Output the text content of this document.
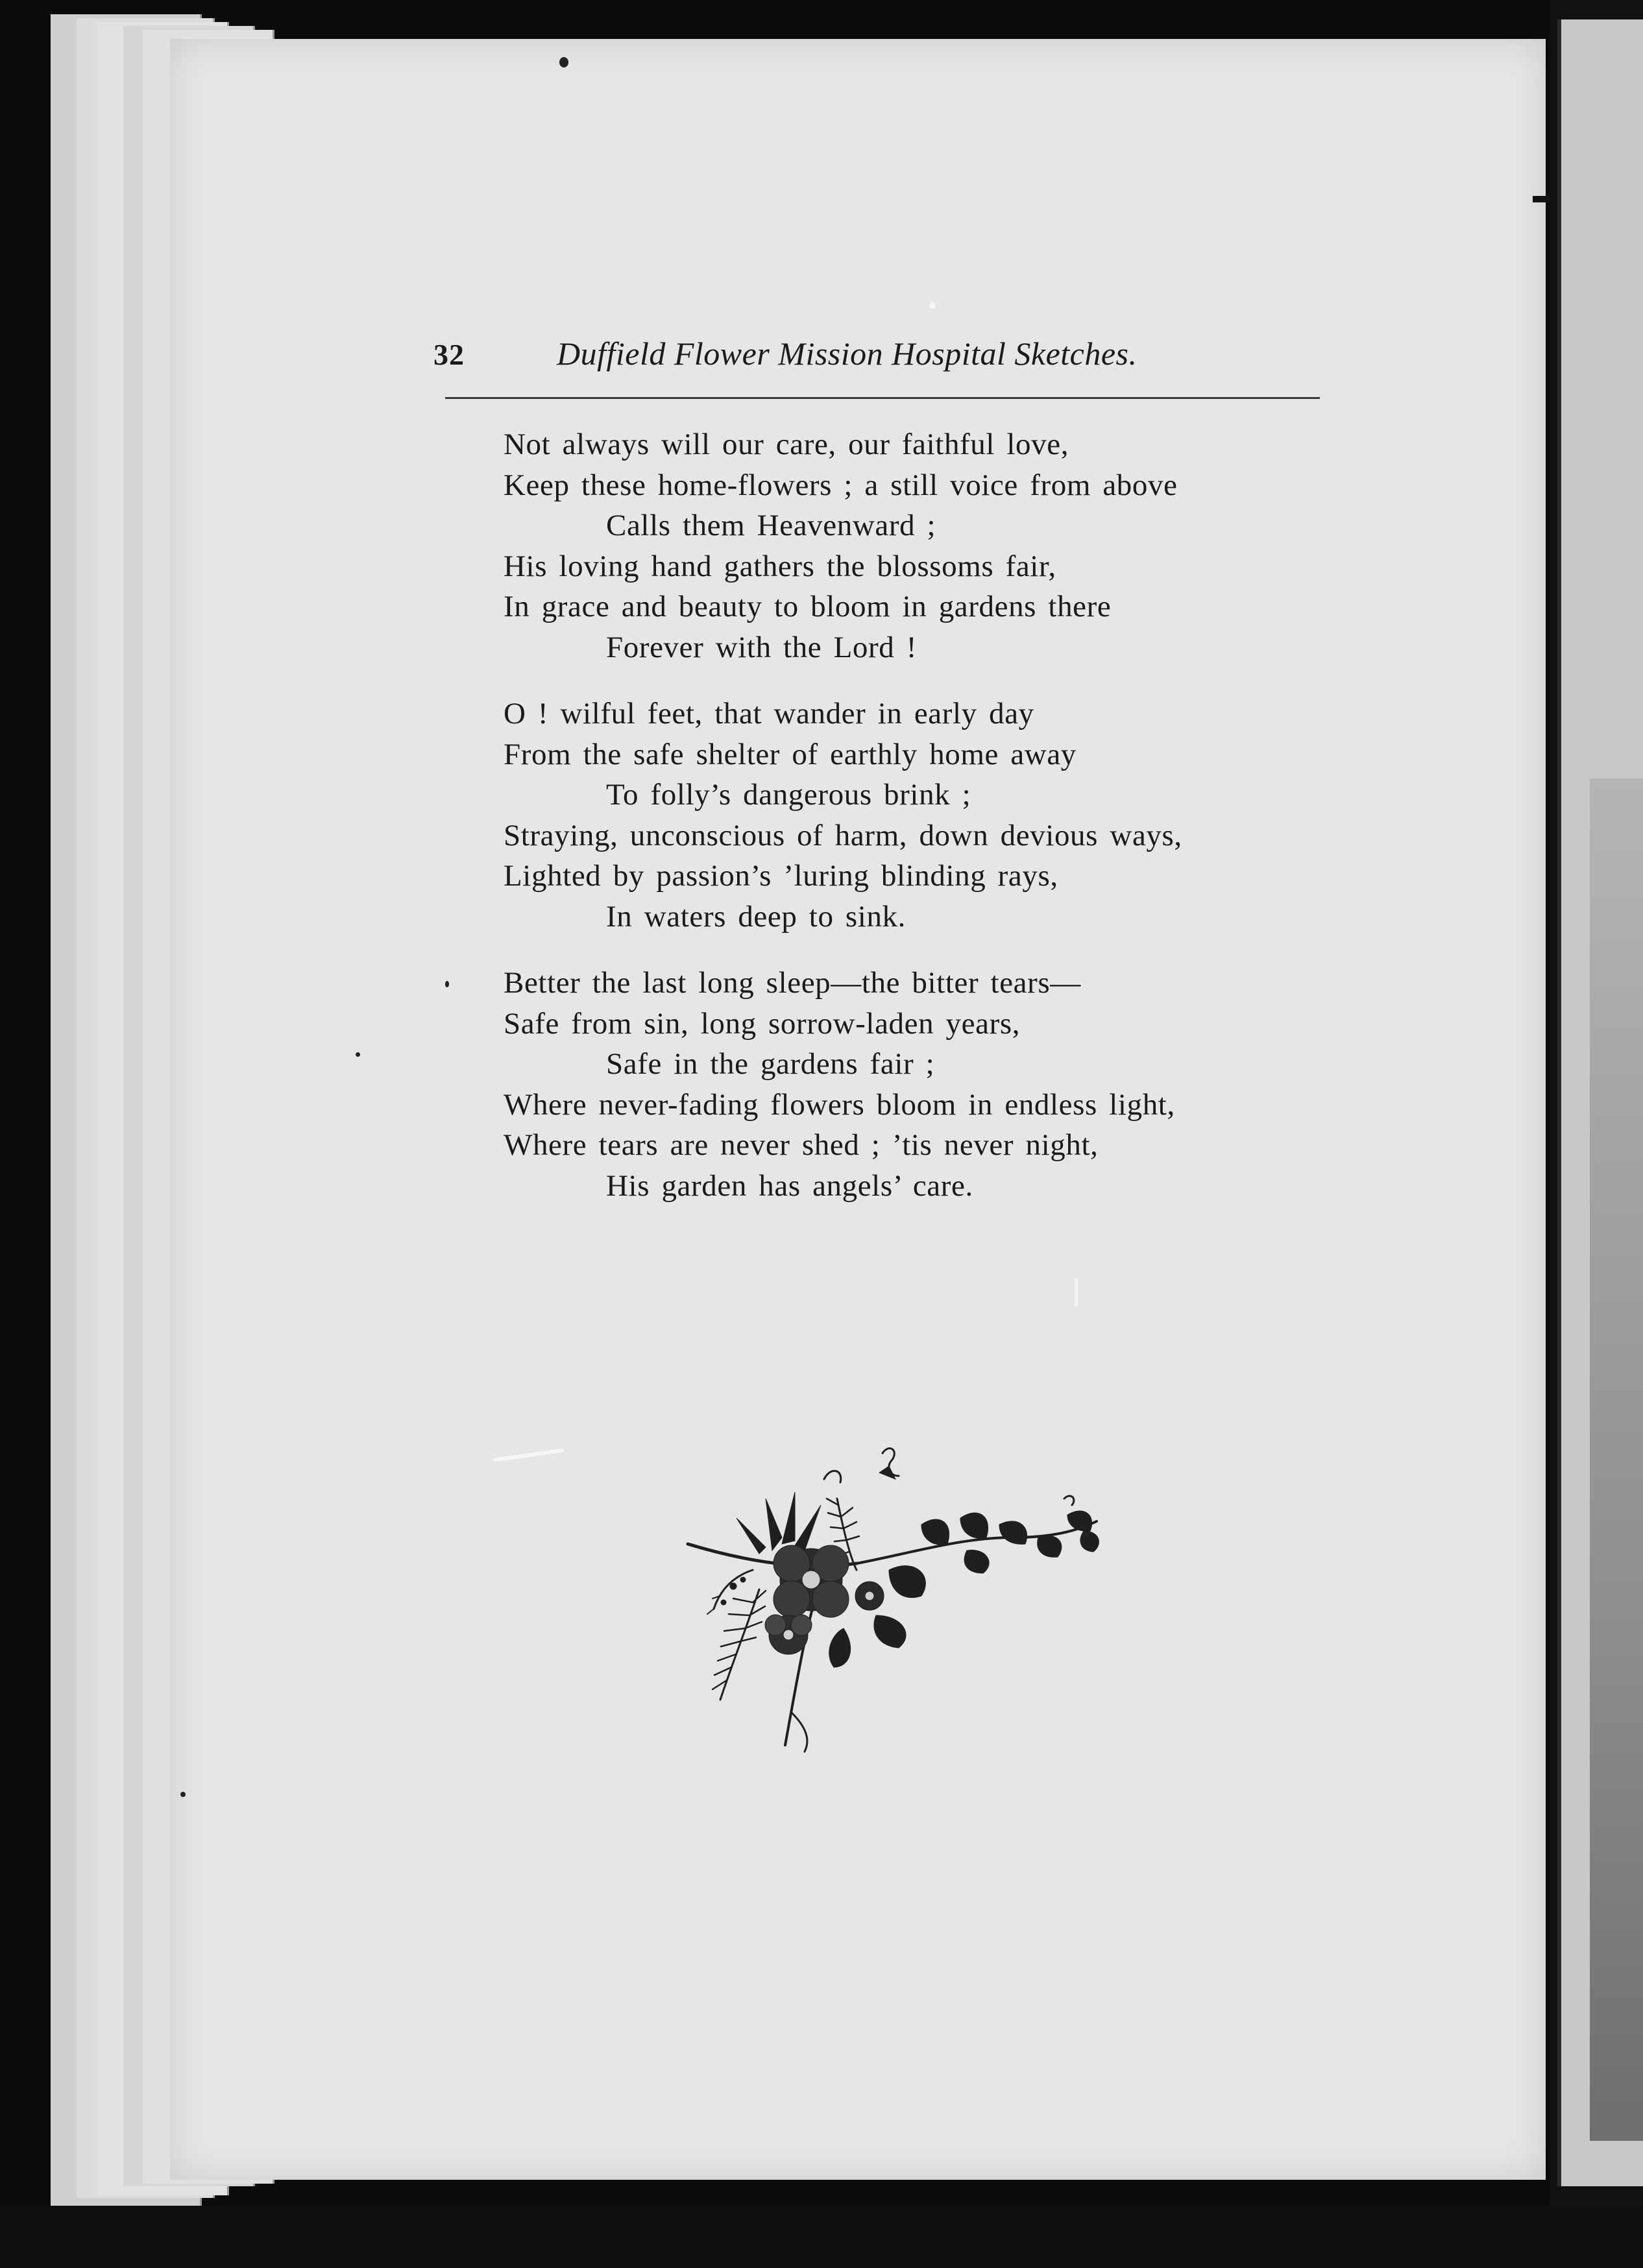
32	Duffield Flower Mission Hospital Sketches.
Not always will our care, our faithful love,
Keep these home-flowers ; a still voice from above
Calls them Heavenward ;
His loving hand gathers the blossoms fair,
In grace and beauty to bloom in gardens there
Forever with the Lord !
O ! wilful feet, that wander in early day
From the safe shelter of earthly home away
To folly’s dangerous brink ;
Straying, unconscious of harm, down devious ways,
Lighted by passion’s ’luring blinding rays,
In waters deep to sink.
Better the last long sleep—the bitter tears—
Safe from sin, long sorrow-laden years,
Safe in the gardens fair ;
Where never-fading flowers bloom in endless light,
Where tears are never shed ; ’tis never night,
His garden has angels’ care.
